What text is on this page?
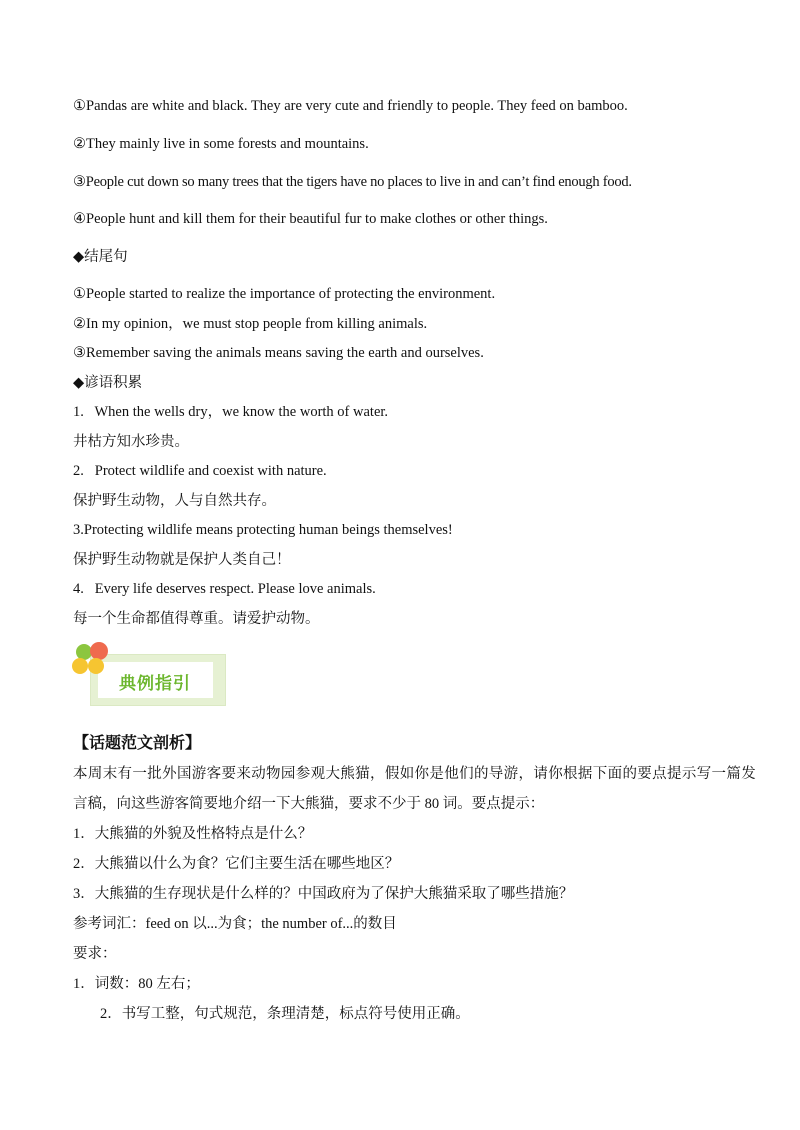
①Pandas are white and black. They are very cute and friendly to people. They feed on bamboo.
②They mainly live in some forests and mountains.
③People cut down so many trees that the tigers have no places to live in and can’t find enough food.
④People hunt and kill them for their beautiful fur to make clothes or other things.
◆结尾句
①People started to realize the importance of protecting the environment.
②In my opinion，we must stop people from killing animals.
③Remember saving the animals means saving the earth and ourselves.
◆谚语积累
1.   When the wells dry，we know the worth of water.
井枯方知水珍贵。
2.   Protect wildlife and coexist with nature.
保护野生动物，人与自然共存。
3.Protecting wildlife means protecting human beings themselves!
保护野生动物就是保护人类自己！
4.   Every life deserves respect. Please love animals.
每一个生命都值得尊重。请爱护动物。
典例指引
【话题范文剖析】
本周末有一批外国游客要来动物园参观大熊猫，假如你是他们的导游，请你根据下面的要点提示写一篇发
言稿，向这些游客简要地介绍一下大熊猫，要求不少于 80 词。要点提示：
1．大熊猫的外貌及性格特点是什么？
2．大熊猫以什么为食？它们主要生活在哪些地区？
3．大熊猫的生存现状是什么样的？中国政府为了保护大熊猫采取了哪些措施？
参考词汇：feed on 以...为食；the number of...的数目
要求：
1．词数：80 左右；
2．书写工整，句式规范，条理清楚，标点符号使用正确。
